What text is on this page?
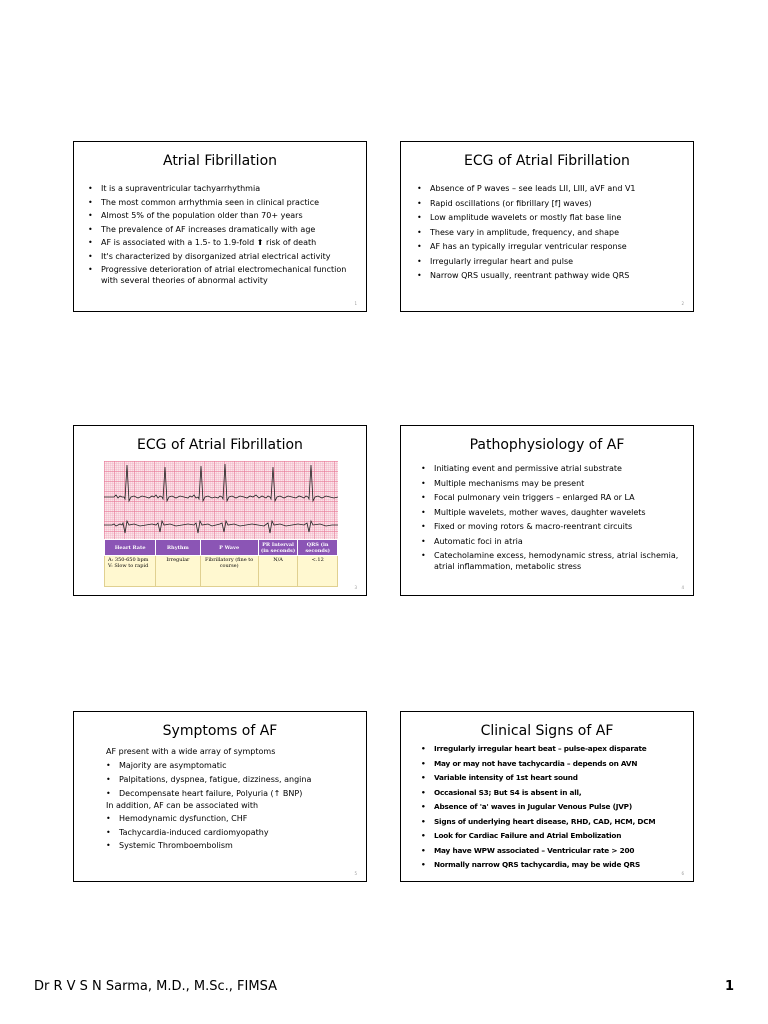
Atrial Fibrillation
• It is a supraventricular tachyarrhythmia
• The most common arrhythmia seen in clinical practice
• Almost 5% of the population older than 70+ years
• The prevalence of AF increases dramatically with age
• AF is associated with a 1.5- to 1.9-fold ⬆ risk of death
• It's characterized by disorganized atrial electrical activity
• Progressive deterioration of atrial electromechanical function with several theories of abnormal activity
1
ECG of Atrial Fibrillation
• Absence of P waves – see leads LII, LIII, aVF and V1
• Rapid oscillations (or fibrillary [f] waves)
• Low amplitude wavelets or mostly flat base line
• These vary in amplitude, frequency, and shape
• AF has an typically irregular ventricular response
• Irregularly irregular heart and pulse
• Narrow QRS usually, reentrant pathway wide QRS
2
ECG of Atrial Fibrillation
Heart Rate	Rhythm	P Wave	PR Interval (in seconds)	QRS (in seconds)
A: 350-650 bpm V: Slow to rapid	Irregular	Fibrillatory (fine to course)	N/A	<.12
3
Pathophysiology of AF
• Initiating event and permissive atrial substrate
• Multiple mechanisms may be present
• Focal pulmonary vein triggers – enlarged RA or LA
• Multiple wavelets, mother waves, daughter wavelets
• Fixed or moving rotors & macro-reentrant circuits
• Automatic foci in atria
• Catecholamine excess, hemodynamic stress, atrial ischemia, atrial inflammation, metabolic stress
4
Symptoms of AF
AF present with a wide array of symptoms
• Majority are asymptomatic
• Palpitations, dyspnea, fatigue, dizziness, angina
• Decompensate heart failure, Polyuria (↑ BNP)
In addition, AF can be associated with
• Hemodynamic dysfunction, CHF
• Tachycardia-induced cardiomyopathy
• Systemic Thromboembolism
5
Clinical Signs of AF
• Irregularly irregular heart beat – pulse-apex disparate
• May or may not have tachycardia – depends on AVN
• Variable intensity of 1st heart sound
• Occasional S3; But S4 is absent in all,
• Absence of 'a' waves in Jugular Venous Pulse (JVP)
• Signs of underlying heart disease, RHD, CAD, HCM, DCM
• Look for Cardiac Failure and Atrial Embolization
• May have WPW associated – Ventricular rate > 200
• Normally narrow QRS tachycardia, may be wide QRS
6
Dr R V S N Sarma, M.D., M.Sc., FIMSA	1
